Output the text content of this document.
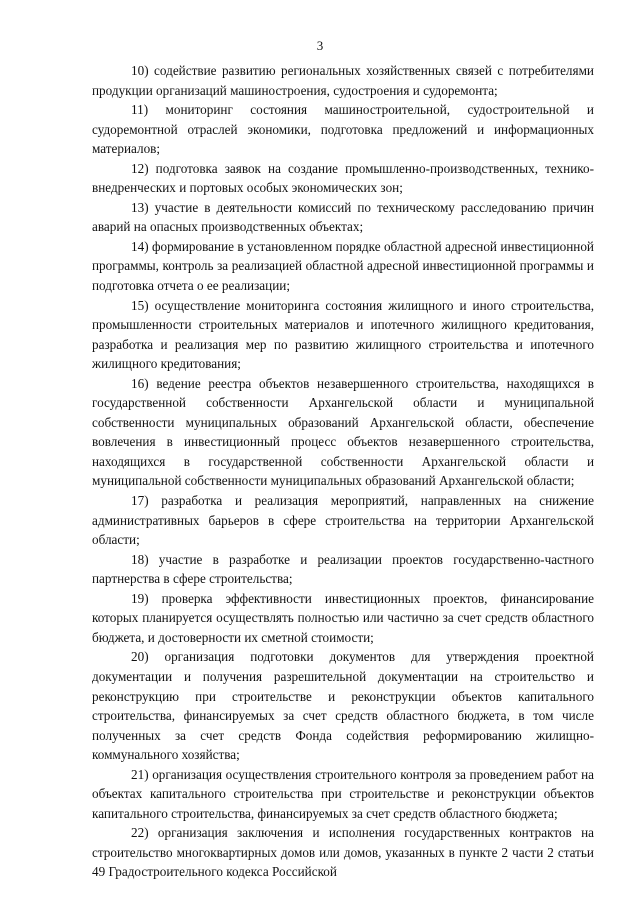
3

10) содействие развитию региональных хозяйственных связей с потребителями продукции организаций машиностроения, судостроения и судоремонта;

11) мониторинг состояния машиностроительной, судостроительной и судоремонтной отраслей экономики, подготовка предложений и информационных материалов;

12) подготовка заявок на создание промышленно-производственных, технико-внедренческих и портовых особых экономических зон;

13) участие в деятельности комиссий по техническому расследованию причин аварий на опасных производственных объектах;

14) формирование в установленном порядке областной адресной инвестиционной программы, контроль за реализацией областной адресной инвестиционной программы и подготовка отчета о ее реализации;

15) осуществление мониторинга состояния жилищного и иного строительства, промышленности строительных материалов и ипотечного жилищного кредитования, разработка и реализация мер по развитию жилищного строительства и ипотечного жилищного кредитования;

16) ведение реестра объектов незавершенного строительства, находящихся в государственной собственности Архангельской области и муниципальной собственности муниципальных образований Архангельской области, обеспечение вовлечения в инвестиционный процесс объектов незавершенного строительства, находящихся в государственной собственности Архангельской области и муниципальной собственности муниципальных образований Архангельской области;

17) разработка и реализация мероприятий, направленных на снижение административных барьеров в сфере строительства на территории Архангельской области;

18) участие в разработке и реализации проектов государственно-частного партнерства в сфере строительства;

19) проверка эффективности инвестиционных проектов, финансирование которых планируется осуществлять полностью или частично за счет средств областного бюджета, и достоверности их сметной стоимости;

20) организация подготовки документов для утверждения проектной документации и получения разрешительной документации на строительство и реконструкцию при строительстве и реконструкции объектов капитального строительства, финансируемых за счет средств областного бюджета, в том числе полученных за счет средств Фонда содействия реформированию жилищно-коммунального хозяйства;

21) организация осуществления строительного контроля за проведением работ на объектах капитального строительства при строительстве и реконструкции объектов капитального строительства, финансируемых за счет средств областного бюджета;

22) организация заключения и исполнения государственных контрактов на строительство многоквартирных домов или домов, указанных в пункте 2 части 2 статьи 49 Градостроительного кодекса Российской
